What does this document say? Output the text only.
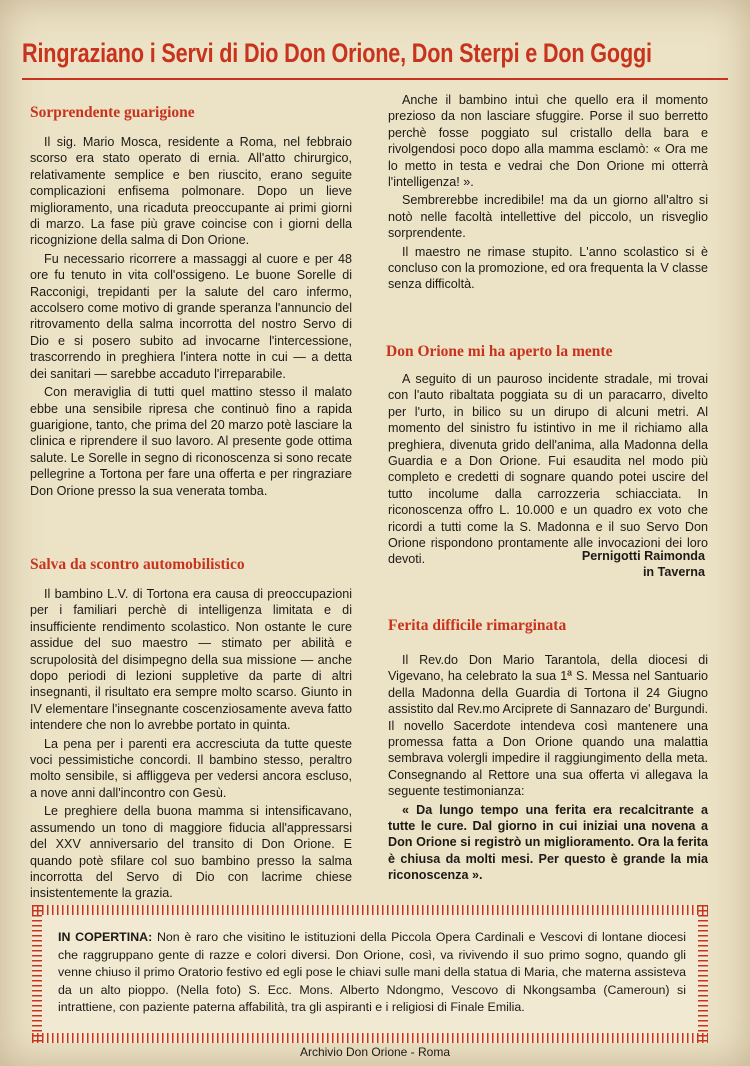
Ringraziano i Servi di Dio Don Orione, Don Sterpi e Don Goggi
Sorprendente guarigione

Il sig. Mario Mosca, residente a Roma, nel febbraio scorso era stato operato di ernia. All'atto chirurgico, relativamente semplice e ben riuscito, erano seguite complicazioni enfisema polmonare. Dopo un lieve miglioramento, una ricaduta preoccupante ai primi giorni di marzo. La fase più grave coincise con i giorni della ricognizione della salma di Don Orione.

Fu necessario ricorrere a massaggi al cuore e per 48 ore fu tenuto in vita coll'ossigeno. Le buone Sorelle di Racconigi, trepidanti per la salute del caro infermo, accolsero come motivo di grande speranza l'annuncio del ritrovamento della salma incorrotta del nostro Servo di Dio e si posero subito ad invocarne l'intercessione, trascorrendo in preghiera l'intera notte in cui — a detta dei sanitari — sarebbe accaduto l'irreparabile.

Con meraviglia di tutti quel mattino stesso il malato ebbe una sensibile ripresa che continuò fino a rapida guarigione, tanto, che prima del 20 marzo potè lasciare la clinica e riprendere il suo lavoro. Al presente gode ottima salute. Le Sorelle in segno di riconoscenza si sono recate pellegrine a Tortona per fare una offerta e per ringraziare Don Orione presso la sua venerata tomba.

Salva da scontro automobilistico

Il bambino L.V. di Tortona era causa di preoccupazioni per i familiari perchè di intelligenza limitata e di insufficiente rendimento scolastico. Non ostante le cure assidue del suo maestro — stimato per abilità e scrupolosità del disimpegno della sua missione — anche dopo periodi di lezioni suppletive da parte di altri insegnanti, il risultato era sempre molto scarso. Giunto in IV elementare l'insegnante coscenziosamente aveva fatto intendere che non lo avrebbe portato in quinta.

La pena per i parenti era accresciuta da tutte queste voci pessimistiche concordi. Il bambino stesso, peraltro molto sensibile, si affliggeva per vedersi ancora escluso, a nove anni dall'incontro con Gesù.

Le preghiere della buona mamma si intensificavano, assumendo un tono di maggiore fiducia all'appressarsi del XXV anniversario del transito di Don Orione. E quando potè sfilare col suo bambino presso la salma incorrotta del Servo di Dio con lacrime chiese insistentemente la grazia.

Anche il bambino intuì che quello era il momento prezioso da non lasciare sfuggire. Porse il suo berretto perchè fosse poggiato sul cristallo della bara e rivolgendosi poco dopo alla mamma esclamò: « Ora me lo metto in testa e vedrai che Don Orione mi otterrà l'intelligenza! ».

Sembrerebbe incredibile! ma da un giorno all'altro si notò nelle facoltà intellettive del piccolo, un risveglio sorprendente.

Il maestro ne rimase stupito. L'anno scolastico si è concluso con la promozione, ed ora frequenta la V classe senza difficoltà.

Don Orione mi ha aperto la mente

A seguito di un pauroso incidente stradale, mi trovai con l'auto ribaltata poggiata su di un paracarro, divelto per l'urto, in bilico su un dirupo di alcuni metri. Al momento del sinistro fu istintivo in me il richiamo alla preghiera, divenuta grido dell'anima, alla Madonna della Guardia e a Don Orione. Fui esaudita nel modo più completo e credetti di sognare quando potei uscire del tutto incolume dalla carrozzeria schiacciata. In riconoscenza offro L. 10.000 e un quadro ex voto che ricordi a tutti come la S. Madonna e il suo Servo Don Orione rispondono prontamente alle invocazioni dei loro devoti.	Pernigotti Raimonda
in Taverna
Ferita difficile rimarginata

Il Rev.do Don Mario Tarantola, della diocesi di Vigevano, ha celebrato la sua 1ª S. Messa nel Santuario della Madonna della Guardia di Tortona il 24 Giugno assistito dal Rev.mo Arciprete di Sannazaro de' Burgundi. Il novello Sacerdote intendeva così mantenere una promessa fatta a Don Orione quando una malattia sembrava volergli impedire il raggiungimento della meta. Consegnando al Rettore una sua offerta vi allegava la seguente testimonianza:

« Da lungo tempo una ferita era recalcitrante a tutte le cure. Dal giorno in cui iniziai una novena a Don Orione si registrò un miglioramento. Ora la ferita è chiusa da molti mesi. Per questo è grande la mia riconoscenza ».

IN COPERTINA: Non è raro che visitino le istituzioni della Piccola Opera Cardinali e Vescovi di lontane diocesi che raggruppano gente di razze e colori diversi. Don Orione, così, va rivivendo il suo primo sogno, quando gli venne chiuso il primo Oratorio festivo ed egli pose le chiavi sulle mani della statua di Maria, che materna assisteva da un alto pioppo. (Nella foto) S. Ecc. Mons. Alberto Ndongmo, Vescovo di Nkongsamba (Cameroun) si intrattiene, con paziente paterna affabilità, tra gli aspiranti e i religiosi di Finale Emilia.
Archivio Don Orione - Roma
